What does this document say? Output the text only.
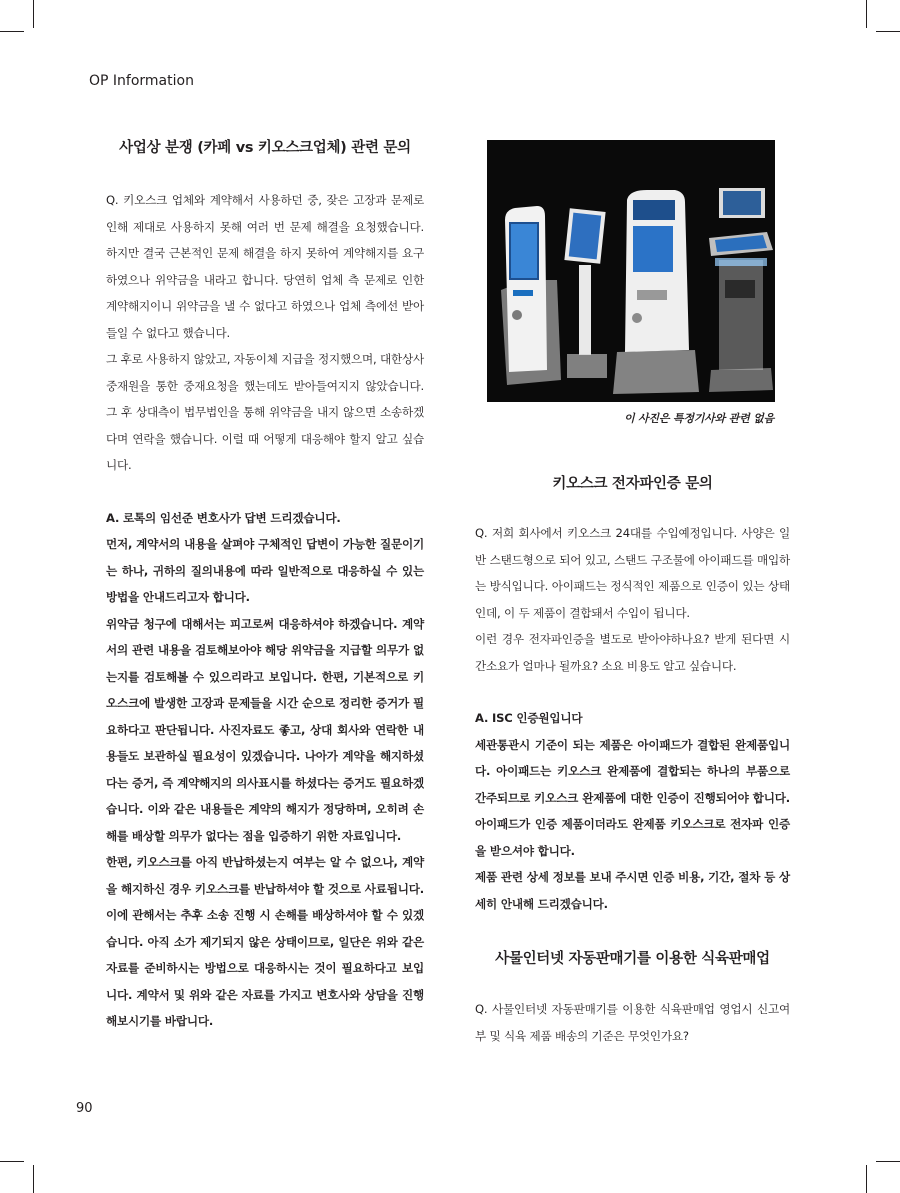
OP Information
사업상 분쟁 (카페 vs 키오스크업체) 관련 문의

Q. 키오스크 업체와 계약해서 사용하던 중, 잦은 고장과 문제로 인해 제대로 사용하지 못해 여러 번 문제 해결을 요청했습니다. 하지만 결국 근본적인 문제 해결을 하지 못하여 계약해지를 요구하였으나 위약금을 내라고 합니다. 당연히 업체 측 문제로 인한 계약해지이니 위약금을 낼 수 없다고 하였으나 업체 측에선 받아들일 수 없다고 했습니다.

그 후로 사용하지 않았고, 자동이체 지급을 정지했으며, 대한상사중재원을 통한 중재요청을 했는데도 받아들여지지 않았습니다. 그 후 상대측이 법무법인을 통해 위약금을 내지 않으면 소송하겠다며 연락을 했습니다. 이럴 때 어떻게 대응해야 할지 알고 싶습니다.

A. 로톡의 임선준 변호사가 답변 드리겠습니다.

먼저, 계약서의 내용을 살펴야 구체적인 답변이 가능한 질문이기는 하나, 귀하의 질의내용에 따라 일반적으로 대응하실 수 있는 방법을 안내드리고자 합니다.

위약금 청구에 대해서는 피고로써 대응하셔야 하겠습니다. 계약서의 관련 내용을 검토해보아야 해당 위약금을 지급할 의무가 없는지를 검토해볼 수 있으리라고 보입니다. 한편, 기본적으로 키오스크에 발생한 고장과 문제들을 시간 순으로 정리한 증거가 필요하다고 판단됩니다. 사진자료도 좋고, 상대 회사와 연락한 내용들도 보관하실 필요성이 있겠습니다. 나아가 계약을 해지하셨다는 증거, 즉 계약해지의 의사표시를 하셨다는 증거도 필요하겠습니다. 이와 같은 내용들은 계약의 해지가 정당하며, 오히려 손해를 배상할 의무가 없다는 점을 입증하기 위한 자료입니다.

한편, 키오스크를 아직 반납하셨는지 여부는 알 수 없으나, 계약을 해지하신 경우 키오스크를 반납하셔야 할 것으로 사료됩니다. 이에 관해서는 추후 소송 진행 시 손해를 배상하셔야 할 수 있겠습니다. 아직 소가 제기되지 않은 상태이므로, 일단은 위와 같은 자료를 준비하시는 방법으로 대응하시는 것이 필요하다고 보입니다. 계약서 및 위와 같은 자료를 가지고 변호사와 상담을 진행해보시기를 바랍니다.

이 사진은 특정기사와 관련 없음
키오스크 전자파인증 문의

Q. 저희 회사에서 키오스크 24대를 수입예정입니다. 사양은 일반 스탠드형으로 되어 있고, 스탠드 구조물에 아이패드를 매입하는 방식입니다. 아이패드는 정식적인 제품으로 인증이 있는 상태인데, 이 두 제품이 결합돼서 수입이 됩니다.

이런 경우 전자파인증을 별도로 받아야하나요? 받게 된다면 시간소요가 얼마나 될까요? 소요 비용도 알고 싶습니다.

A. ISC 인증원입니다

세관통관시 기준이 되는 제품은 아이패드가 결합된 완제품입니다. 아이패드는 키오스크 완제품에 결합되는 하나의 부품으로 간주되므로 키오스크 완제품에 대한 인증이 진행되어야 합니다. 아이패드가 인증 제품이더라도 완제품 키오스크로 전자파 인증을 받으셔야 합니다.

제품 관련 상세 정보를 보내 주시면 인증 비용, 기간, 절차 등 상세히 안내해 드리겠습니다.

사물인터넷 자동판매기를 이용한 식육판매업

Q. 사물인터넷 자동판매기를 이용한 식육판매업 영업시 신고여부 및 식육 제품 배송의 기준은 무엇인가요?

90
